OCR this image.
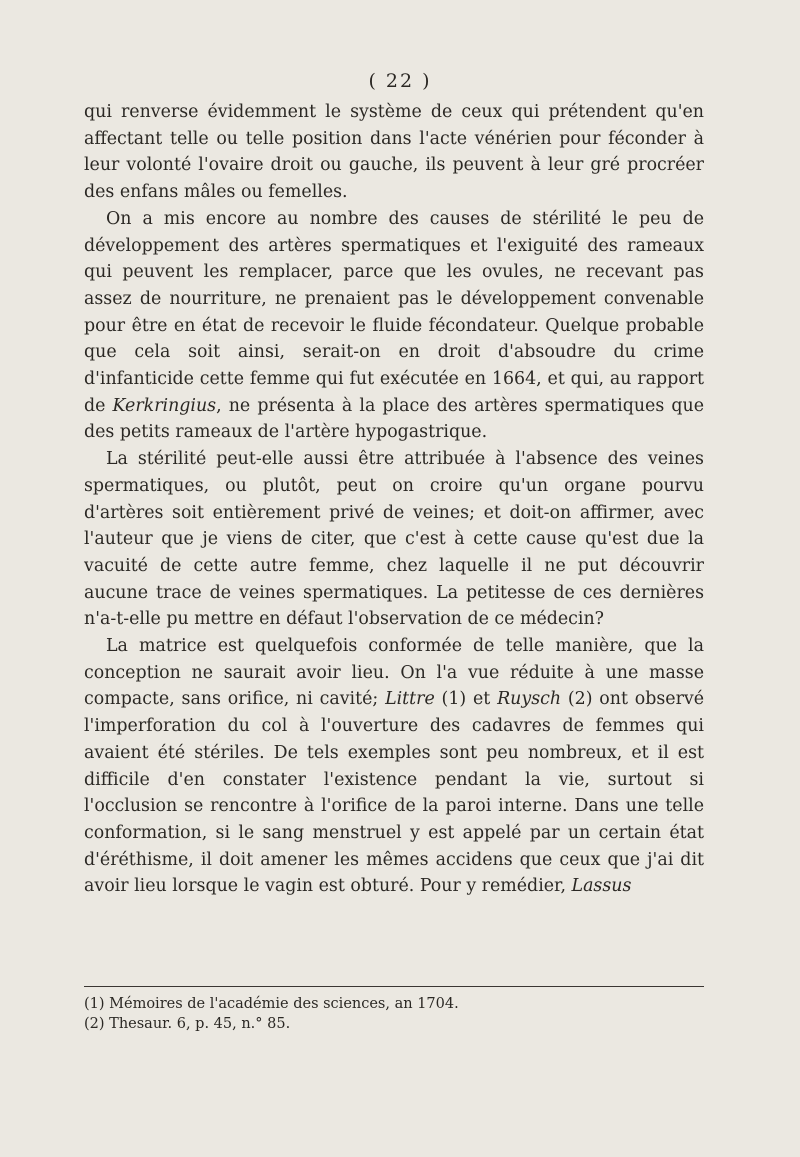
( 22 )

qui renverse évidemment le système de ceux qui prétendent qu'en affectant telle ou telle position dans l'acte vénérien pour féconder à leur volonté l'ovaire droit ou gauche, ils peuvent à leur gré procréer des enfans mâles ou femelles.

On a mis encore au nombre des causes de stérilité le peu de développement des artères spermatiques et l'exiguité des rameaux qui peuvent les remplacer, parce que les ovules, ne recevant pas assez de nourriture, ne prenaient pas le développement convenable pour être en état de recevoir le fluide fécondateur. Quelque probable que cela soit ainsi, serait-on en droit d'absoudre du crime d'infanticide cette femme qui fut exécutée en 1664, et qui, au rapport de Kerkringius, ne présenta à la place des artères spermatiques que des petits rameaux de l'artère hypogastrique.

La stérilité peut-elle aussi être attribuée à l'absence des veines spermatiques, ou plutôt, peut on croire qu'un organe pourvu d'artères soit entièrement privé de veines; et doit-on affirmer, avec l'auteur que je viens de citer, que c'est à cette cause qu'est due la vacuité de cette autre femme, chez laquelle il ne put découvrir aucune trace de veines spermatiques. La petitesse de ces dernières n'a-t-elle pu mettre en défaut l'observation de ce médecin?

La matrice est quelquefois conformée de telle manière, que la conception ne saurait avoir lieu. On l'a vue réduite à une masse compacte, sans orifice, ni cavité; Littre (1) et Ruysch (2) ont observé l'imperforation du col à l'ouverture des cadavres de femmes qui avaient été stériles. De tels exemples sont peu nombreux, et il est difficile d'en constater l'existence pendant la vie, surtout si l'occlusion se rencontre à l'orifice de la paroi interne. Dans une telle conformation, si le sang menstruel y est appelé par un certain état d'éréthisme, il doit amener les mêmes accidens que ceux que j'ai dit avoir lieu lorsque le vagin est obturé. Pour y remédier, Lassus

(1) Mémoires de l'académie des sciences, an 1704.

(2) Thesaur. 6, p. 45, n.° 85.
